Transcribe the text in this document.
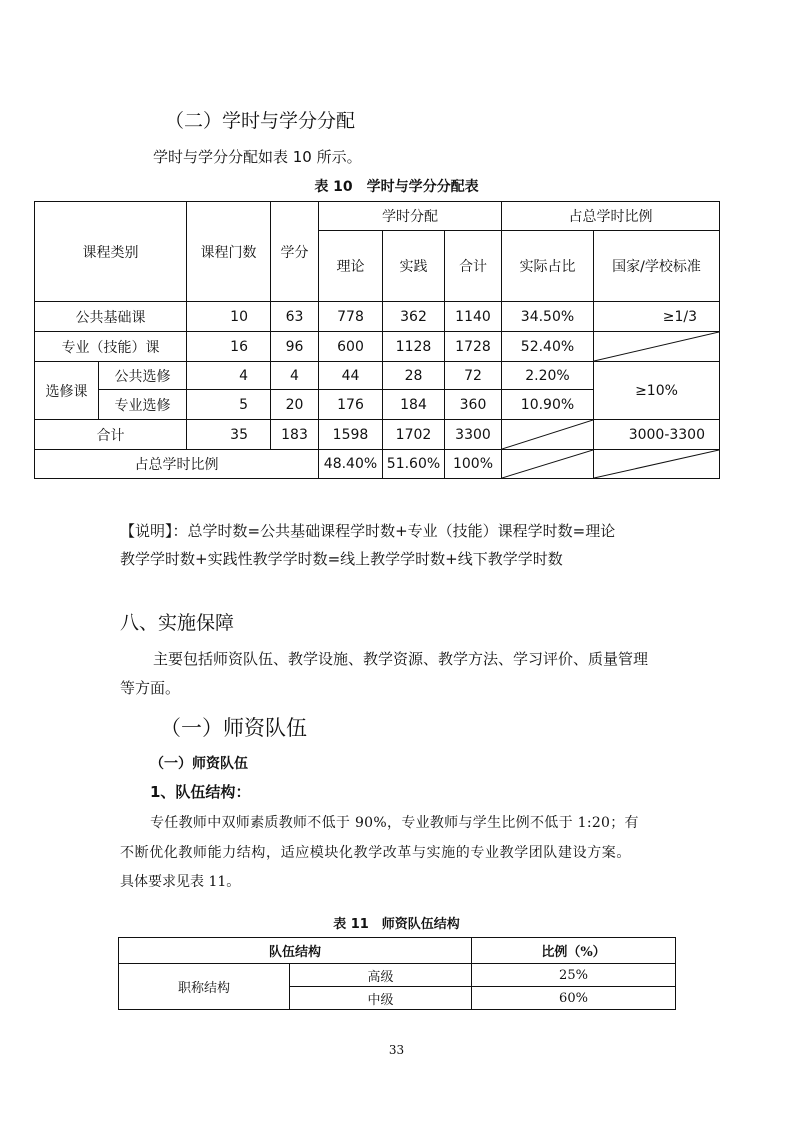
（二）学时与学分分配
学时与学分分配如表 10 所示。
表 10　学时与学分分配表
课程类别		课程门数	学分	学时分配			占总学时比例	
				理论	实践	合计	实际占比	国家/学校标准
公共基础课		10	63	778	362	1140	34.50%	≥1/3
专业（技能）课		16	96	600	1128	1728	52.40%	

选修课	公共选修	4	4	44	28	72	2.20%	≥10%
	专业选修	5	20	176	184	360	10.90%	
合计		35	183	1598	1702	3300		3000-3300
占总学时比例				48.40%	51.60%	100%	

【说明】：总学时数=公共基础课程学时数+专业（技能）课程学时数=理论
教学学时数+实践性教学学时数=线上教学学时数+线下教学学时数
八、实施保障
主要包括师资队伍、教学设施、教学资源、教学方法、学习评价、质量管理
等方面。
（一）师资队伍
（一）师资队伍
1、队伍结构：
专任教师中双师素质教师不低于 90%，专业教师与学生比例不低于 1:20；有
不断优化教师能力结构，适应模块化教学改革与实施的专业教学团队建设方案。
具体要求见表 11。
表 11　师资队伍结构
队伍结构		比例（%）
职称结构	高级	25%
	中级	60%
33
